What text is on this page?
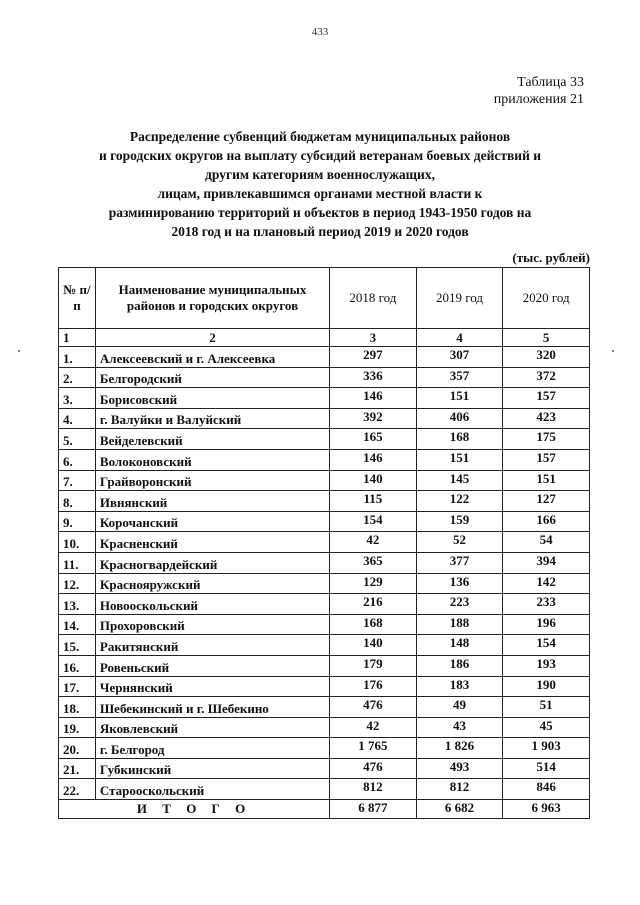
433
Таблица 33
приложения 21
Распределение субвенций бюджетам муниципальных районов
и городских округов на выплату субсидий ветеранам боевых действий и
другим категориям военнослужащих,
лицам, привлекавшимся органами местной власти к
разминированию территорий и объектов в период 1943-1950 годов на
2018 год и на плановый период 2019 и 2020 годов
(тыс. рублей)
№ п/п	Наименование муниципальных районов и городских округов	2018 год	2019 год	2020 год
1	2	3	4	5
1.	Алексеевский и г. Алексеевка	297	307	320
2.	Белгородский	336	357	372
3.	Борисовский	146	151	157
4.	г. Валуйки и Валуйский	392	406	423
5.	Вейделевский	165	168	175
6.	Волоконовский	146	151	157
7.	Грайворонский	140	145	151
8.	Ивнянский	115	122	127
9.	Корочанский	154	159	166
10.	Красненский	42	52	54
11.	Красногвардейский	365	377	394
12.	Краснояружский	129	136	142
13.	Новооскольский	216	223	233
14.	Прохоровский	168	188	196
15.	Ракитянский	140	148	154
16.	Ровеньский	179	186	193
17.	Чернянский	176	183	190
18.	Шебекинский и г. Шебекино	476	49	51
19.	Яковлевский	42	43	45
20.	г. Белгород	1 765	1 826	1 903
21.	Губкинский	476	493	514
22.	Старооскольский	812	812	846
И Т О Г О		6 877	6 682	6 963
